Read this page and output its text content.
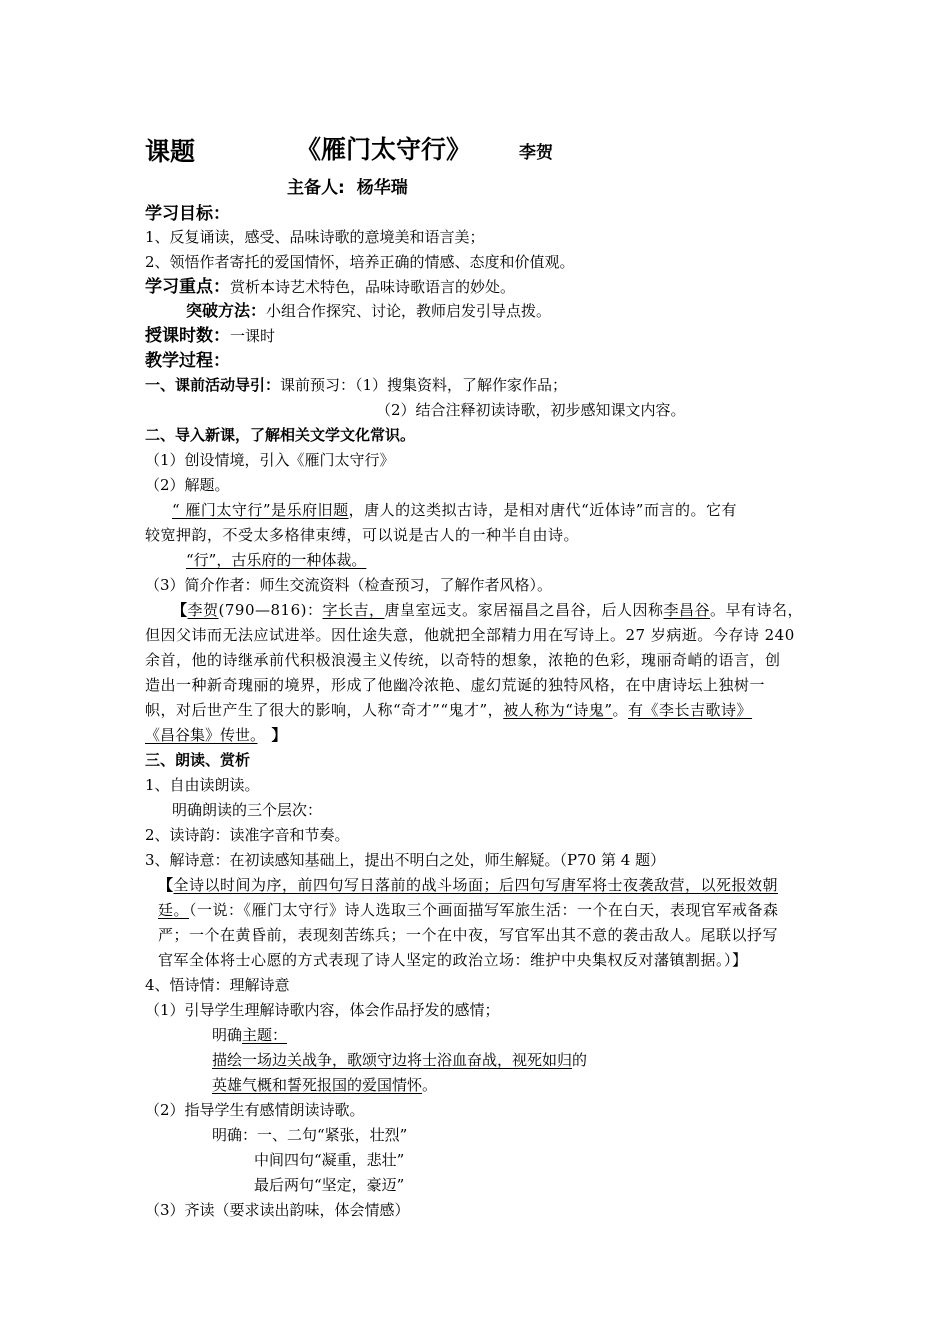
课题	《雁门太守行》	李贺
主备人: 杨华瑞
学习目标：
1、反复诵读，感受、品味诗歌的意境美和语言美；
2、领悟作者寄托的爱国情怀，培养正确的情感、态度和价值观。
学习重点：赏析本诗艺术特色，品味诗歌语言的妙处。
突破方法：小组合作探究、讨论，教师启发引导点拨。
授课时数：一课时
教学过程：
一、课前活动导引：课前预习：（1）搜集资料，了解作家作品；
（2）结合注释初读诗歌，初步感知课文内容。
二、导入新课，了解相关文学文化常识。
（1）创设情境，引入《雁门太守行》
（2）解题。
“ 雁门太守行”是乐府旧题，唐人的这类拟古诗，是相对唐代“近体诗”而言的。它有
较宽押韵，不受太多格律束缚，可以说是古人的一种半自由诗。
“行”，古乐府的一种体裁。
（3）简介作者：师生交流资料（检查预习，了解作者风格）。
【李贺(790—816)：字长吉，唐皇室远支。家居福昌之昌谷，后人因称李昌谷。早有诗名，
但因父讳而无法应试进举。因仕途失意，他就把全部精力用在写诗上。27 岁病逝。今存诗 240
余首，他的诗继承前代积极浪漫主义传统，以奇特的想象，浓艳的色彩，瑰丽奇峭的语言，创
造出一种新奇瑰丽的境界，形成了他幽冷浓艳、虚幻荒诞的独特风格，在中唐诗坛上独树一
帜，对后世产生了很大的影响，人称“奇才”“鬼才”，被人称为“诗鬼”。有《李长吉歌诗》
《昌谷集》传世。 】
三、朗读、赏析
1、自由读朗读。
明确朗读的三个层次：
2、读诗韵：读准字音和节奏。
3、解诗意：在初读感知基础上，提出不明白之处，师生解疑。（P70 第 4 题）
【全诗以时间为序，前四句写日落前的战斗场面；后四句写唐军将士夜袭敌营，以死报效朝
廷。（一说：《雁门太守行》诗人选取三个画面描写军旅生活：一个在白天，表现官军戒备森
严；一个在黄昏前，表现刻苦练兵；一个在中夜，写官军出其不意的袭击敌人。尾联以抒写
官军全体将士心愿的方式表现了诗人坚定的政治立场：维护中央集权反对藩镇割据。）】
4、悟诗情：理解诗意
（1）引导学生理解诗歌内容，体会作品抒发的感情；
明确主题：
描绘一场边关战争，歌颂守边将士浴血奋战，视死如归的
英雄气概和誓死报国的爱国情怀。
（2）指导学生有感情朗读诗歌。
明确：一、二句“紧张，壮烈”
中间四句“凝重，悲壮”
最后两句“坚定，豪迈”
（3）齐读（要求读出韵味，体会情感）
